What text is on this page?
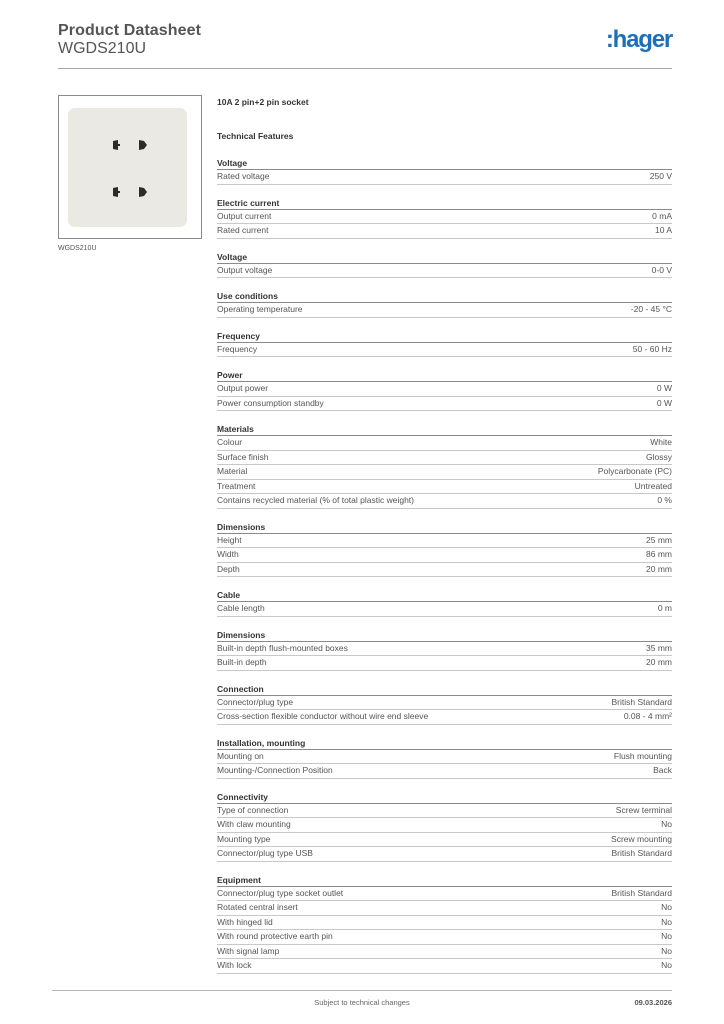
Product Datasheet
WGDS210U	:hager
WGDS210U
10A 2 pin+2 pin socket
Technical Features
Voltage
Rated voltage	250 V
Electric current
Output current	0 mA
Rated current	10 A
Voltage
Output voltage	0-0 V
Use conditions
Operating temperature	-20 - 45 °C
Frequency
Frequency	50 - 60 Hz
Power
Output power	0 W
Power consumption standby	0 W
Materials
Colour	White
Surface finish	Glossy
Material	Polycarbonate (PC)
Treatment	Untreated
Contains recycled material (% of total plastic weight)	0 %
Dimensions
Height	25 mm
Width	86 mm
Depth	20 mm
Cable
Cable length	0 m
Dimensions
Built-in depth flush-mounted boxes	35 mm
Built-in depth	20 mm
Connection
Connector/plug type	British Standard
Cross-section flexible conductor without wire end sleeve	0.08 - 4 mm²
Installation, mounting
Mounting on	Flush mounting
Mounting-/Connection Position	Back
Connectivity
Type of connection	Screw terminal
With claw mounting	No
Mounting type	Screw mounting
Connector/plug type USB	British Standard
Equipment
Connector/plug type socket outlet	British Standard
Rotated central insert	No
With hinged lid	No
With round protective earth pin	No
With signal lamp	No
With lock	No
Subject to technical changes	09.03.2026
